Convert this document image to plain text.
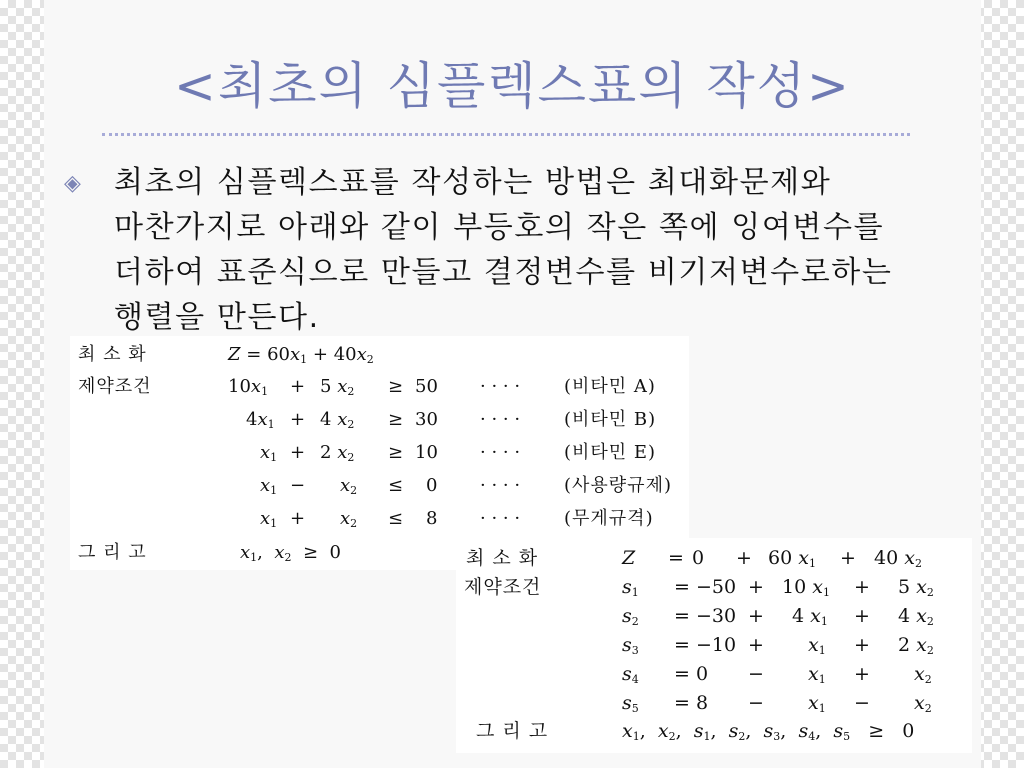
<최초의 심플렉스표의 작성>
◈ 최초의 심플렉스표를 작성하는 방법은 최대화문제와 마찬가지로 아래와 같이 부등호의 작은 쪽에 잉여변수를 더하여 표준식으로 만들고 결정변수를 비기저변수로하는 행렬을 만든다.
최 소 화
제약조건
그 리 고
$Z = 60x_1 + 40x_2$
$10x_1 + 5$ $x_2 \ge 50$ · · · · (비타민 A)
$4x_1 + 4$ $x_2 \ge 30$ · · · · (비타민 B)
$x_1 + 2$ $x_2 \ge 10$ · · · · (비타민 E)
$x_1 - x_2 \le 0$ · · · · (사용량규제)
$x_1 + x_2 \le 8$ · · · · (무게규격)
$x_1$, $x_2 \ge 0$	최 소 화
제약조건
그 리 고
Z = 0 + 60 $x_1 + 40$ $x_2$
$s_1 = -50 + 10$ $x_1 + 5$ $x_2$
$s_2 = -30 + 4$ $x_1 + 4$ $x_2$
$s_3 = -10 + x_1 + 2$ $x_2$
$s_4 = 0 - x_1 + x_2$
$s_5 = 8 - x_1 - x_2$
$x_1$, $x_2$, $s_1$, $s_2$, $s_3$, $s_4$, $s_5 \ge 0$
